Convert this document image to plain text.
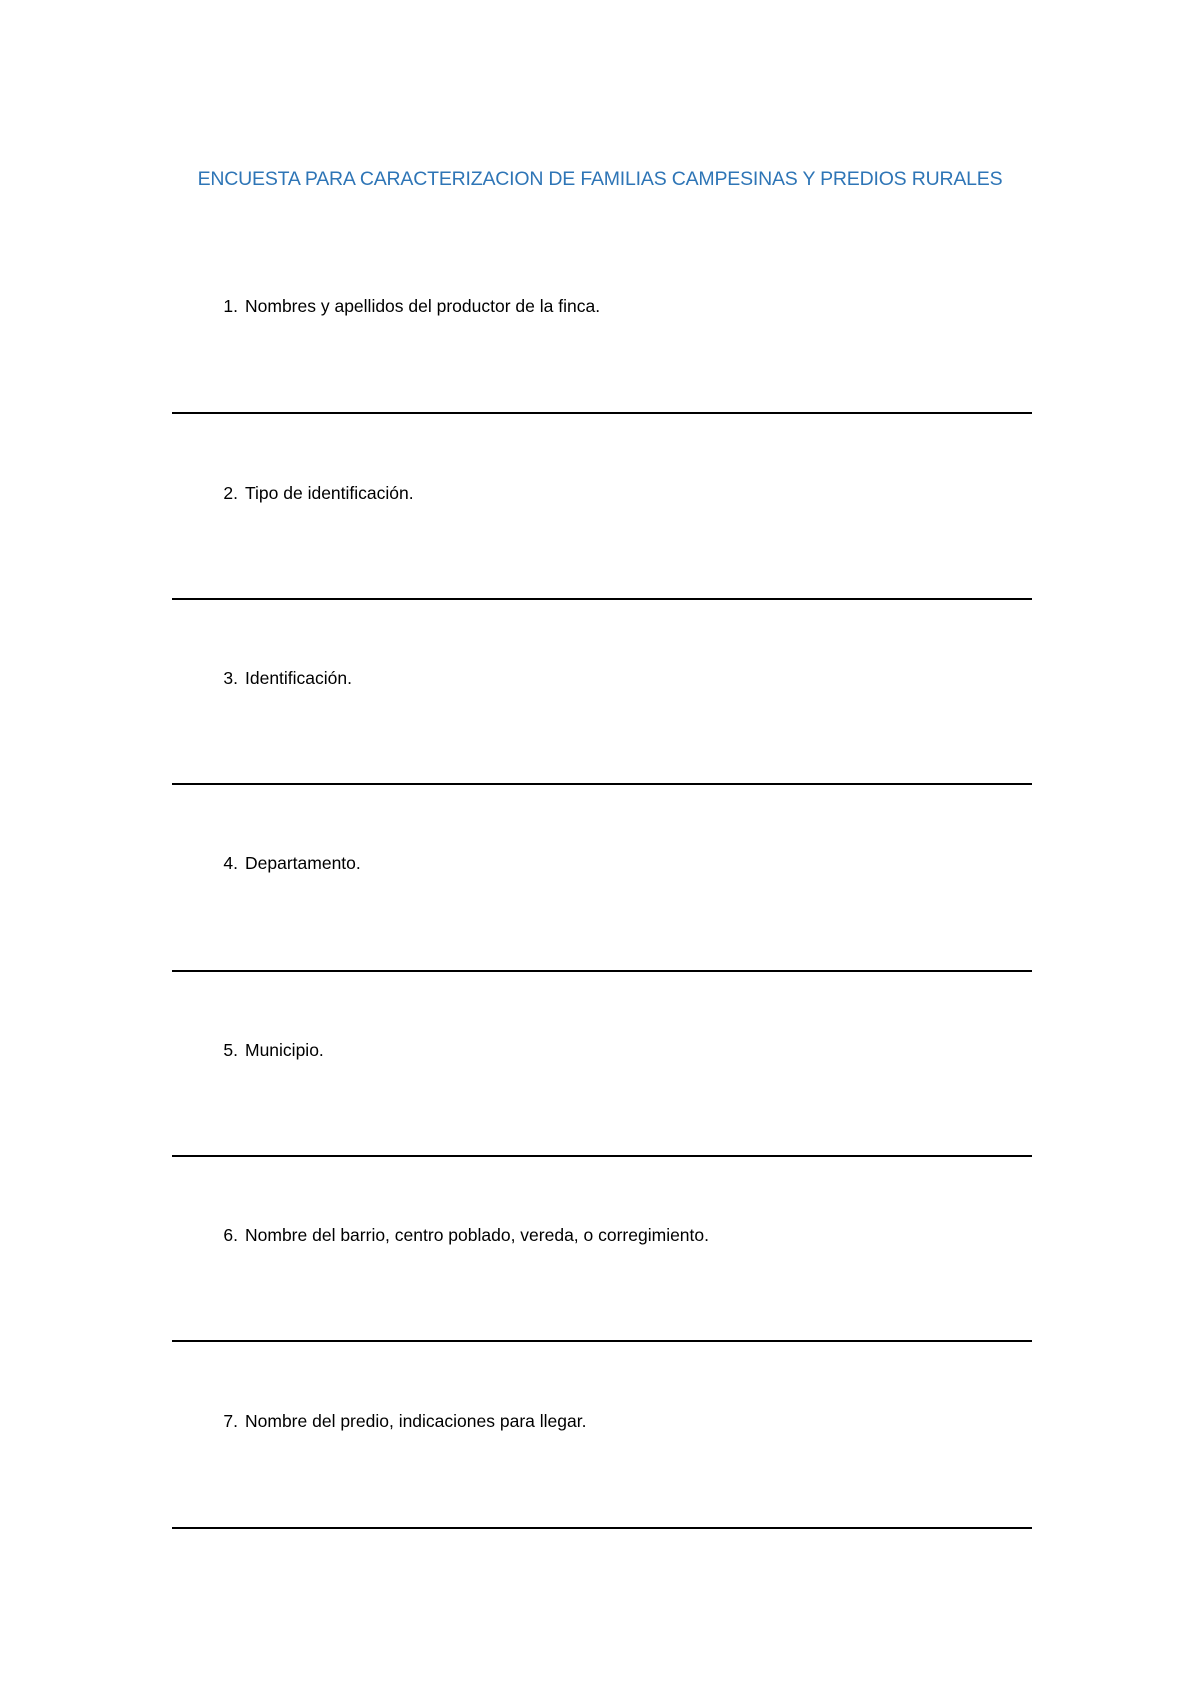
ENCUESTA PARA CARACTERIZACION DE FAMILIAS CAMPESINAS Y PREDIOS RURALES
1. Nombres y apellidos del productor de la finca.
2. Tipo de identificación.
3. Identificación.
4. Departamento.
5. Municipio.
6. Nombre del barrio, centro poblado, vereda, o corregimiento.
7. Nombre del predio, indicaciones para llegar.
